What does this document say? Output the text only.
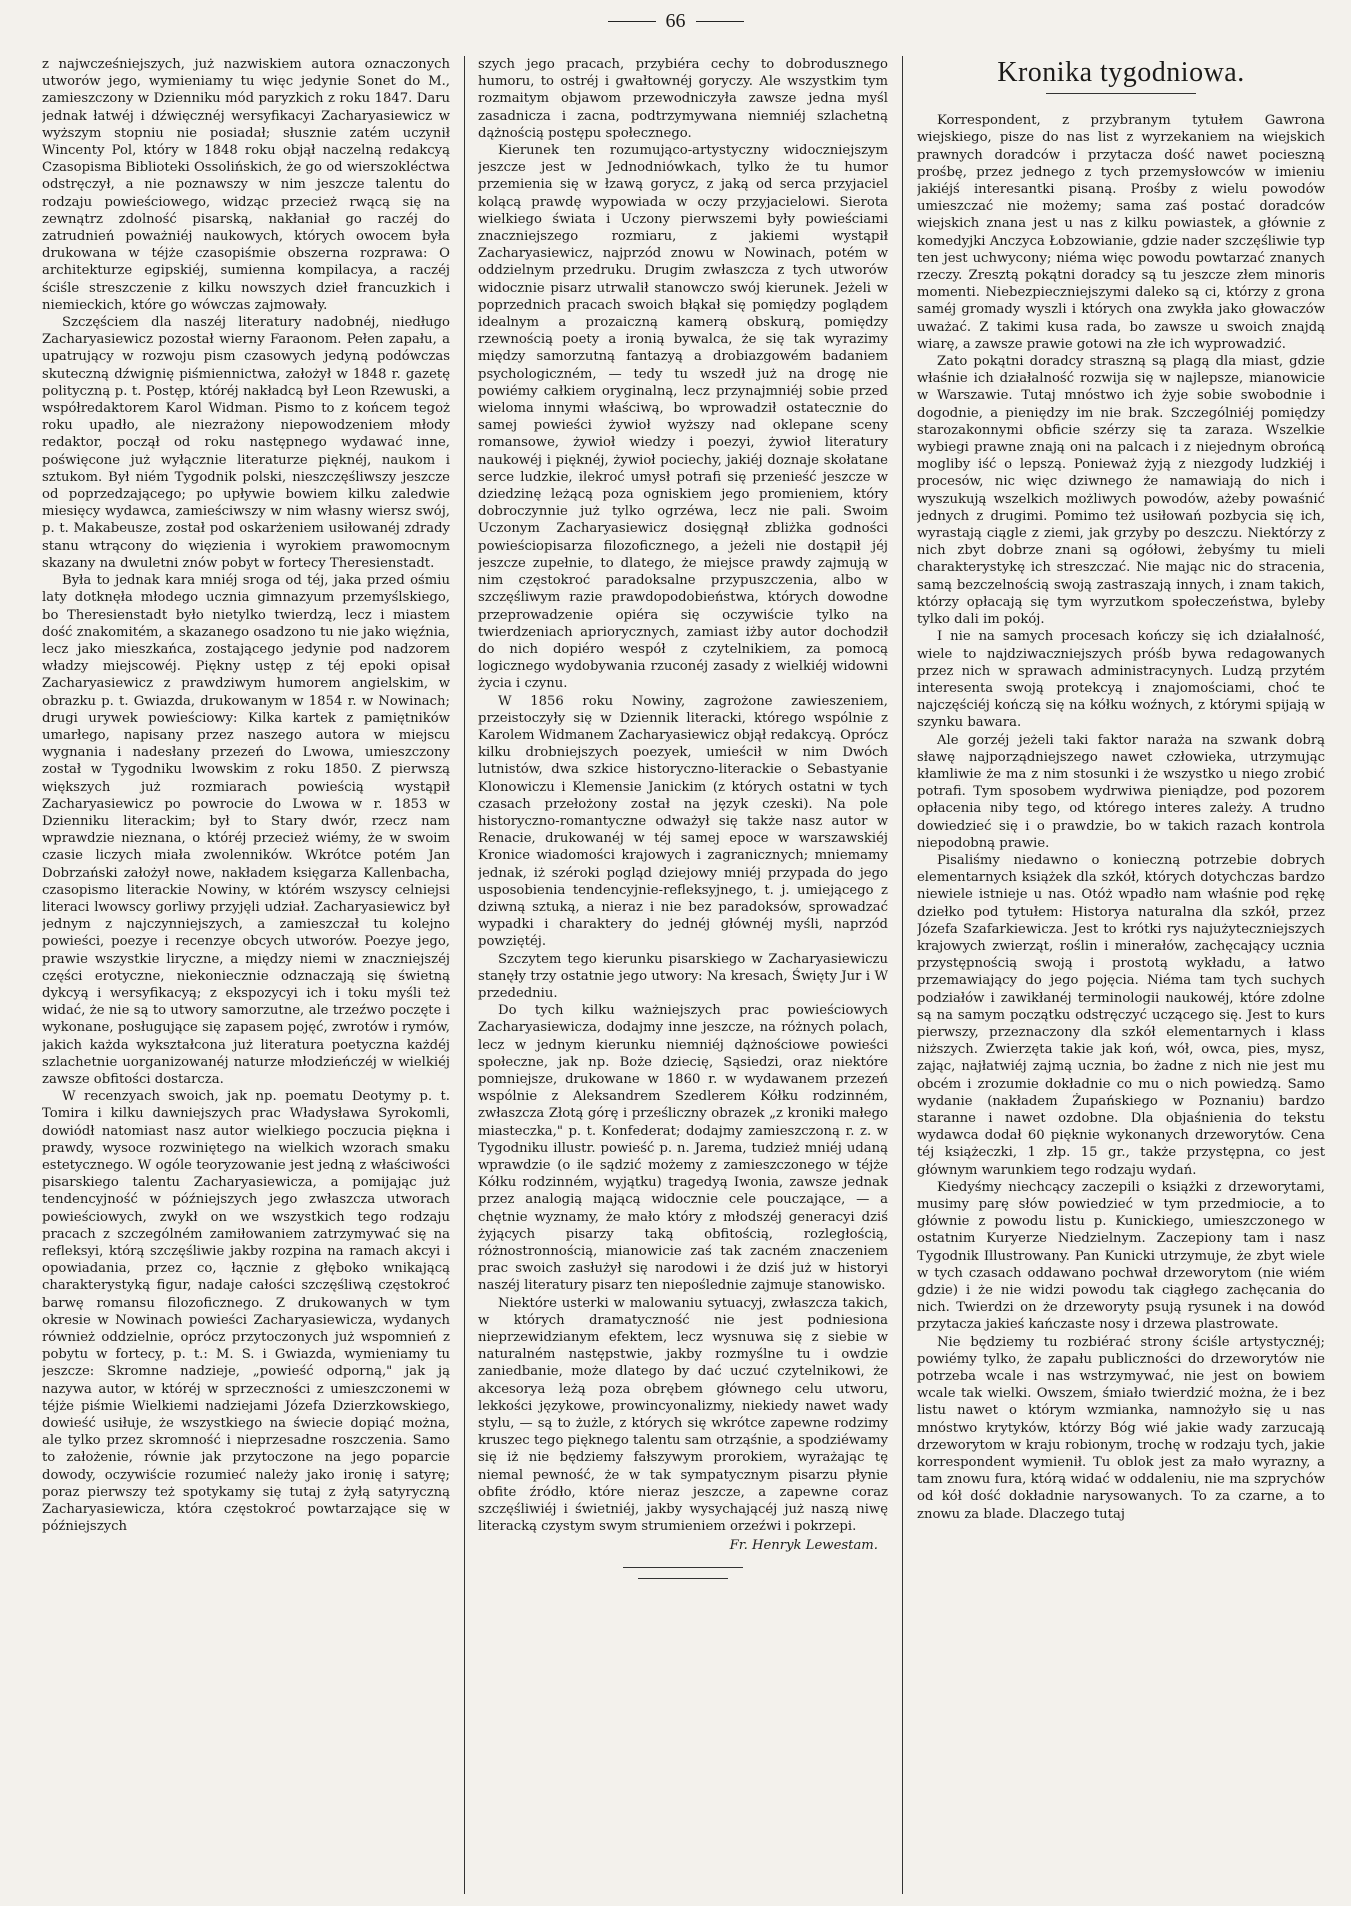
66

z najwcześniejszych, już nazwiskiem autora oznaczonych utworów jego, wymieniamy tu więc jedynie Sonet do M., zamieszczony w Dzienniku mód paryzkich z roku 1847. Daru jednak łatwéj i dźwięcznéj wersyfikacyi Zacharyasiewicz w wyższym stopniu nie posiadał; słusznie zatém uczynił Wincenty Pol, który w 1848 roku objął naczelną redakcyą Czasopisma Biblioteki Ossolińskich, że go od wierszokléctwa odstręczył, a nie poznawszy w nim jeszcze talentu do rodzaju powieściowego, widząc przecież rwącą się na zewnątrz zdolność pisarską, nakłaniał go raczéj do zatrudnień poważniéj naukowych, których owocem była drukowana w téjże czasopiśmie obszerna rozprawa: O architekturze egipskiéj, sumienna kompilacya, a raczéj ściśle streszczenie z kilku nowszych dzieł francuzkich i niemieckich, które go wówczas zajmowały.

Szczęściem dla naszéj literatury nadobnéj, niedługo Zacharyasiewicz pozostał wierny Faraonom. Pełen zapału, a upatrujący w rozwoju pism czasowych jedyną podówczas skuteczną dźwignię piśmiennictwa, założył w 1848 r. gazetę polityczną p. t. Postęp, któréj nakładcą był Leon Rzewuski, a współredaktorem Karol Widman. Pismo to z końcem tegoż roku upadło, ale niezrażony niepowodzeniem młody redaktor, począł od roku następnego wydawać inne, poświęcone już wyłącznie literaturze pięknéj, naukom i sztukom. Był niém Tygodnik polski, nieszczęśliwszy jeszcze od poprzedzającego; po upływie bowiem kilku zaledwie miesięcy wydawca, zamieściwszy w nim własny wiersz swój, p. t. Makabeusze, został pod oskarżeniem usiłowanéj zdrady stanu wtrącony do więzienia i wyrokiem prawomocnym skazany na dwuletni znów pobyt w fortecy Theresienstadt.

Była to jednak kara mniéj sroga od téj, jaka przed ośmiu laty dotknęła młodego ucznia gimnazyum przemyślskiego, bo Theresienstadt było nietylko twierdzą, lecz i miastem dość znakomitém, a skazanego osadzono tu nie jako więźnia, lecz jako mieszkańca, zostającego jedynie pod nadzorem władzy miejscowéj. Piękny ustęp z téj epoki opisał Zacharyasiewicz z prawdziwym humorem angielskim, w obrazku p. t. Gwiazda, drukowanym w 1854 r. w Nowinach; drugi urywek powieściowy: Kilka kartek z pamiętników umarłego, napisany przez naszego autora w miejscu wygnania i nadesłany przezeń do Lwowa, umieszczony został w Tygodniku lwowskim z roku 1850. Z pierwszą większych już rozmiarach powieścią wystąpił Zacharyasiewicz po powrocie do Lwowa w r. 1853 w Dzienniku literackim; był to Stary dwór, rzecz nam wprawdzie nieznana, o któréj przecież wiémy, że w swoim czasie liczych miała zwolenników. Wkrótce potém Jan Dobrzański założył nowe, nakładem księgarza Kallenbacha, czasopismo literackie Nowiny, w którém wszyscy celniejsi literaci lwowscy gorliwy przyjęli udział. Zacharyasiewicz był jednym z najczynniejszych, a zamieszczał tu kolejno powieści, poezye i recenzye obcych utworów. Poezye jego, prawie wszystkie liryczne, a między niemi w znaczniejszéj części erotyczne, niekoniecznie odznaczają się świetną dykcyą i wersyfikacyą; z ekspozycyi ich i toku myśli też widać, że nie są to utwory samorzutne, ale trzeźwo poczęte i wykonane, posługujące się zapasem pojęć, zwrotów i rymów, jakich każda wykształcona już literatura poetyczna każdéj szlachetnie uorganizowanéj naturze młodzieńczéj w wielkiéj zawsze obfitości dostarcza.

W recenzyach swoich, jak np. poematu Deotymy p. t. Tomira i kilku dawniejszych prac Władysława Syrokomli, dowiódł natomiast nasz autor wielkiego poczucia piękna i prawdy, wysoce rozwiniętego na wielkich wzorach smaku estetycznego. W ogóle teoryzowanie jest jedną z właściwości pisarskiego talentu Zacharyasiewicza, a pomijając już tendencyjność w późniejszych jego zwłaszcza utworach powieściowych, zwykł on we wszystkich tego rodzaju pracach z szczególném zamiłowaniem zatrzymywać się na refleksyi, którą szczęśliwie jakby rozpina na ramach akcyi i opowiadania, przez co, łącznie z głęboko wnikającą charakterystyką figur, nadaje całości szczęśliwą częstokroć barwę romansu filozoficznego. Z drukowanych w tym okresie w Nowinach powieści Zacharyasiewicza, wydanych również oddzielnie, oprócz przytoczonych już wspomnień z pobytu w fortecy, p. t.: M. S. i Gwiazda, wymieniamy tu jeszcze: Skromne nadzieje, „powieść odporną," jak ją nazywa autor, w któréj w sprzeczności z umieszczonemi w téjże piśmie Wielkiemi nadziejami Józefa Dzierzkowskiego, dowieść usiłuje, że wszystkiego na świecie dopiąć można, ale tylko przez skromność i nieprzesadne roszczenia. Samo to założenie, równie jak przytoczone na jego poparcie dowody, oczywiście rozumieć należy jako ironię i satyrę; poraz pierwszy też spotykamy się tutaj z żyłą satyryczną Zacharyasiewicza, która częstokroć powtarzające się w późniejszych

szych jego pracach, przybiéra cechy to dobrodusznego humoru, to ostréj i gwałtownéj goryczy. Ale wszystkim tym rozmaitym objawom przewodniczyła zawsze jedna myśl zasadnicza i zacna, podtrzymywana niemniéj szlachetną dążnością postępu społecznego.

Kierunek ten rozumująco-artystyczny widoczniejszym jeszcze jest w Jednodniówkach, tylko że tu humor przemienia się w łzawą gorycz, z jaką od serca przyjaciel kolącą prawdę wypowiada w oczy przyjacielowi. Sierota wielkiego świata i Uczony pierwszemi były powieściami znaczniejszego rozmiaru, z jakiemi wystąpił Zacharyasiewicz, najprzód znowu w Nowinach, potém w oddzielnym przedruku. Drugim zwłaszcza z tych utworów widocznie pisarz utrwalił stanowczo swój kierunek. Jeżeli w poprzednich pracach swoich błąkał się pomiędzy poglądem idealnym a prozaiczną kamerą obskurą, pomiędzy rzewnością poety a ironią bywalca, że się tak wyrazimy między samorzutną fantazyą a drobiazgowém badaniem psychologiczném, — tedy tu wszedł już na drogę nie powiémy całkiem oryginalną, lecz przynajmniéj sobie przed wieloma innymi właściwą, bo wprowadził ostatecznie do samej powieści żywioł wyższy nad oklepane sceny romansowe, żywioł wiedzy i poezyi, żywioł literatury naukowéj i pięknéj, żywioł pociechy, jakiéj doznaje skołatane serce ludzkie, ilekroć umysł potrafi się przenieść jeszcze w dziedzinę leżącą poza ogniskiem jego promieniem, który dobroczynnie już tylko ogrzéwa, lecz nie pali. Swoim Uczonym Zacharyasiewicz dosięgnął zbliżka godności powieściopisarza filozoficznego, a jeżeli nie dostąpił jéj jeszcze zupełnie, to dlatego, że miejsce prawdy zajmują w nim częstokroć paradoksalne przypuszczenia, albo w szczęśliwym razie prawdopodobieństwa, których dowodne przeprowadzenie opiéra się oczywiście tylko na twierdzeniach apriorycznych, zamiast iżby autor dochodził do nich dopiéro wespół z czytelnikiem, za pomocą logicznego wydobywania rzuconéj zasady z wielkiéj widowni życia i czynu.

W 1856 roku Nowiny, zagrożone zawieszeniem, przeistoczyły się w Dziennik literacki, którego wspólnie z Karolem Widmanem Zacharyasiewicz objął redakcyą. Oprócz kilku drobniejszych poezyek, umieścił w nim Dwóch lutnistów, dwa szkice historyczno-literackie o Sebastyanie Klonowiczu i Klemensie Janickim (z których ostatni w tych czasach przełożony został na język czeski). Na pole historyczno-romantyczne odważył się także nasz autor w Renacie, drukowanéj w téj samej epoce w warszawskiéj Kronice wiadomości krajowych i zagranicznych; mniemamy jednak, iż széroki pogląd dziejowy mniéj przypada do jego usposobienia tendencyjnie-refleksyjnego, t. j. umiejącego z dziwną sztuką, a nieraz i nie bez paradoksów, sprowadzać wypadki i charaktery do jednéj głównéj myśli, naprzód powziętéj.

Szczytem tego kierunku pisarskiego w Zacharyasiewiczu stanęły trzy ostatnie jego utwory: Na kresach, Święty Jur i W przededniu.

Do tych kilku ważniejszych prac powieściowych Zacharyasiewicza, dodajmy inne jeszcze, na różnych polach, lecz w jednym kierunku niemniéj dążnościowe powieści społeczne, jak np. Boże dziecię, Sąsiedzi, oraz niektóre pomniejsze, drukowane w 1860 r. w wydawanem przezeń wspólnie z Aleksandrem Szedlerem Kółku rodzinném, zwłaszcza Złotą górę i prześliczny obrazek „z kroniki małego miasteczka," p. t. Konfederat; dodajmy zamieszczoną r. z. w Tygodniku illustr. powieść p. n. Jarema, tudzież mniéj udaną wprawdzie (o ile sądzić możemy z zamieszczonego w téjże Kółku rodzinném, wyjątku) tragedyą Iwonia, zawsze jednak przez analogią mającą widocznie cele pouczające, — a chętnie wyznamy, że mało który z młodszéj generacyi dziś żyjących pisarzy taką obfitością, rozległością, różnostronnością, mianowicie zaś tak zacném znaczeniem prac swoich zasłużył się narodowi i że dziś już w historyi naszéj literatury pisarz ten niepoślednie zajmuje stanowisko.

Niektóre usterki w malowaniu sytuacyj, zwłaszcza takich, w których dramatyczność nie jest podniesiona nieprzewidzianym efektem, lecz wysnuwa się z siebie w naturalném następstwie, jakby rozmyślne tu i owdzie zaniedbanie, może dlatego by dać uczuć czytelnikowi, że akcesorya leżą poza obrębem głównego celu utworu, lekkości językowe, prowincyonalizmy, niekiedy nawet wady stylu, — są to żużle, z których się wkrótce zapewne rodzimy kruszec tego pięknego talentu sam otrząśnie, a spodziéwamy się iż nie będziemy fałszywym prorokiem, wyrażając tę niemal pewność, że w tak sympatycznym pisarzu płynie obfite źródło, które nieraz jeszcze, a zapewne coraz szczęśliwiéj i świetniéj, jakby wysychającéj już naszą niwę literacką czystym swym strumieniem orzeźwi i pokrzepi.

Fr. Henryk Lewestam.
Kronika tygodniowa.

Korrespondent, z przybranym tytułem Gawrona wiejskiego, pisze do nas list z wyrzekaniem na wiejskich prawnych doradców i przytacza dość nawet pocieszną prośbę, przez jednego z tych przemysłowców w imieniu jakiéjś interesantki pisaną. Prośby z wielu powodów umieszczać nie możemy; sama zaś postać doradców wiejskich znana jest u nas z kilku powiastek, a głównie z komedyjki Anczyca Łobzowianie, gdzie nader szczęśliwie typ ten jest uchwycony; niéma więc powodu powtarzać znanych rzeczy. Zresztą pokątni doradcy są tu jeszcze złem minoris momenti. Niebezpieczniejszymi daleko są ci, którzy z grona saméj gromady wyszli i których ona zwykła jako głowaczów uważać. Z takimi kusa rada, bo zawsze u swoich znajdą wiarę, a zawsze prawie gotowi na złe ich wyprowadzić.

Zato pokątni doradcy straszną są plagą dla miast, gdzie właśnie ich działalność rozwija się w najlepsze, mianowicie w Warszawie. Tutaj mnóstwo ich żyje sobie swobodnie i dogodnie, a pieniędzy im nie brak. Szczególniéj pomiędzy starozakonnymi obficie szérzy się ta zaraza. Wszelkie wybiegi prawne znają oni na palcach i z niejednym obrońcą mogliby iść o lepszą. Ponieważ żyją z niezgody ludzkiéj i procesów, nic więc dziwnego że namawiają do nich i wyszukują wszelkich możliwych powodów, ażeby powaśnić jednych z drugimi. Pomimo też usiłowań pozbycia się ich, wyrastają ciągle z ziemi, jak grzyby po deszczu. Niektórzy z nich zbyt dobrze znani są ogółowi, żebyśmy tu mieli charakterystykę ich streszczać. Nie mając nic do stracenia, samą bezczelnością swoją zastraszają innych, i znam takich, którzy opłacają się tym wyrzutkom społeczeństwa, byleby tylko dali im pokój.

I nie na samych procesach kończy się ich działalność, wiele to najdziwaczniejszych próśb bywa redagowanych przez nich w sprawach administracynych. Ludzą przytém interesenta swoją protekcyą i znajomościami, choć te najczęściéj kończą się na kółku woźnych, z którymi spijają w szynku bawara.

Ale gorzéj jeżeli taki faktor naraża na szwank dobrą sławę najporządniejszego nawet człowieka, utrzymując kłamliwie że ma z nim stosunki i że wszystko u niego zrobić potrafi. Tym sposobem wydrwiwa pieniądze, pod pozorem opłacenia niby tego, od którego interes zależy. A trudno dowiedzieć się i o prawdzie, bo w takich razach kontrola niepodobną prawie.

Pisaliśmy niedawno o konieczną potrzebie dobrych elementarnych książek dla szkół, których dotychczas bardzo niewiele istnieje u nas. Otóż wpadło nam właśnie pod rękę dziełko pod tytułem: Historya naturalna dla szkół, przez Józefa Szafarkiewicza. Jest to krótki rys najużyteczniejszych krajowych zwierząt, roślin i minerałów, zachęcający ucznia przystępnością swoją i prostotą wykładu, a łatwo przemawiający do jego pojęcia. Niéma tam tych suchych podziałów i zawikłanéj terminologii naukowéj, które zdolne są na samym początku odstręczyć uczącego się. Jest to kurs pierwszy, przeznaczony dla szkół elementarnych i klass niższych. Zwierzęta takie jak koń, wół, owca, pies, mysz, zając, najłatwiéj zajmą ucznia, bo żadne z nich nie jest mu obcém i zrozumie dokładnie co mu o nich powiedzą. Samo wydanie (nakładem Żupańskiego w Poznaniu) bardzo staranne i nawet ozdobne. Dla objaśnienia do tekstu wydawca dodał 60 pięknie wykonanych drzeworytów. Cena téj książeczki, 1 złp. 15 gr., także przystępna, co jest głównym warunkiem tego rodzaju wydań.

Kiedyśmy niechcący zaczepili o książki z drzeworytami, musimy parę słów powiedzieć w tym przedmiocie, a to głównie z powodu listu p. Kunickiego, umieszczonego w ostatnim Kuryerze Niedzielnym. Zaczepiony tam i nasz Tygodnik Illustrowany. Pan Kunicki utrzymuje, że zbyt wiele w tych czasach oddawano pochwał drzeworytom (nie wiém gdzie) i że nie widzi powodu tak ciągłego zachęcania do nich. Twierdzi on że drzeworyty psują rysunek i na dowód przytacza jakieś kańczaste nosy i drzewa plastrowate.

Nie będziemy tu rozbiérać strony ściśle artystycznéj; powiémy tylko, że zapału publiczności do drzeworytów nie potrzeba wcale i nas wstrzymywać, nie jest on bowiem wcale tak wielki. Owszem, śmiało twierdzić można, że i bez listu nawet o którym wzmianka, namnożyło się u nas mnóstwo krytyków, którzy Bóg wié jakie wady zarzucają drzeworytom w kraju robionym, trochę w rodzaju tych, jakie korrespondent wymienił. Tu oblok jest za mało wyrazny, a tam znowu fura, którą widać w oddaleniu, nie ma szprychów od kół dość dokładnie narysowanych. To za czarne, a to znowu za blade. Dlaczego tutaj
